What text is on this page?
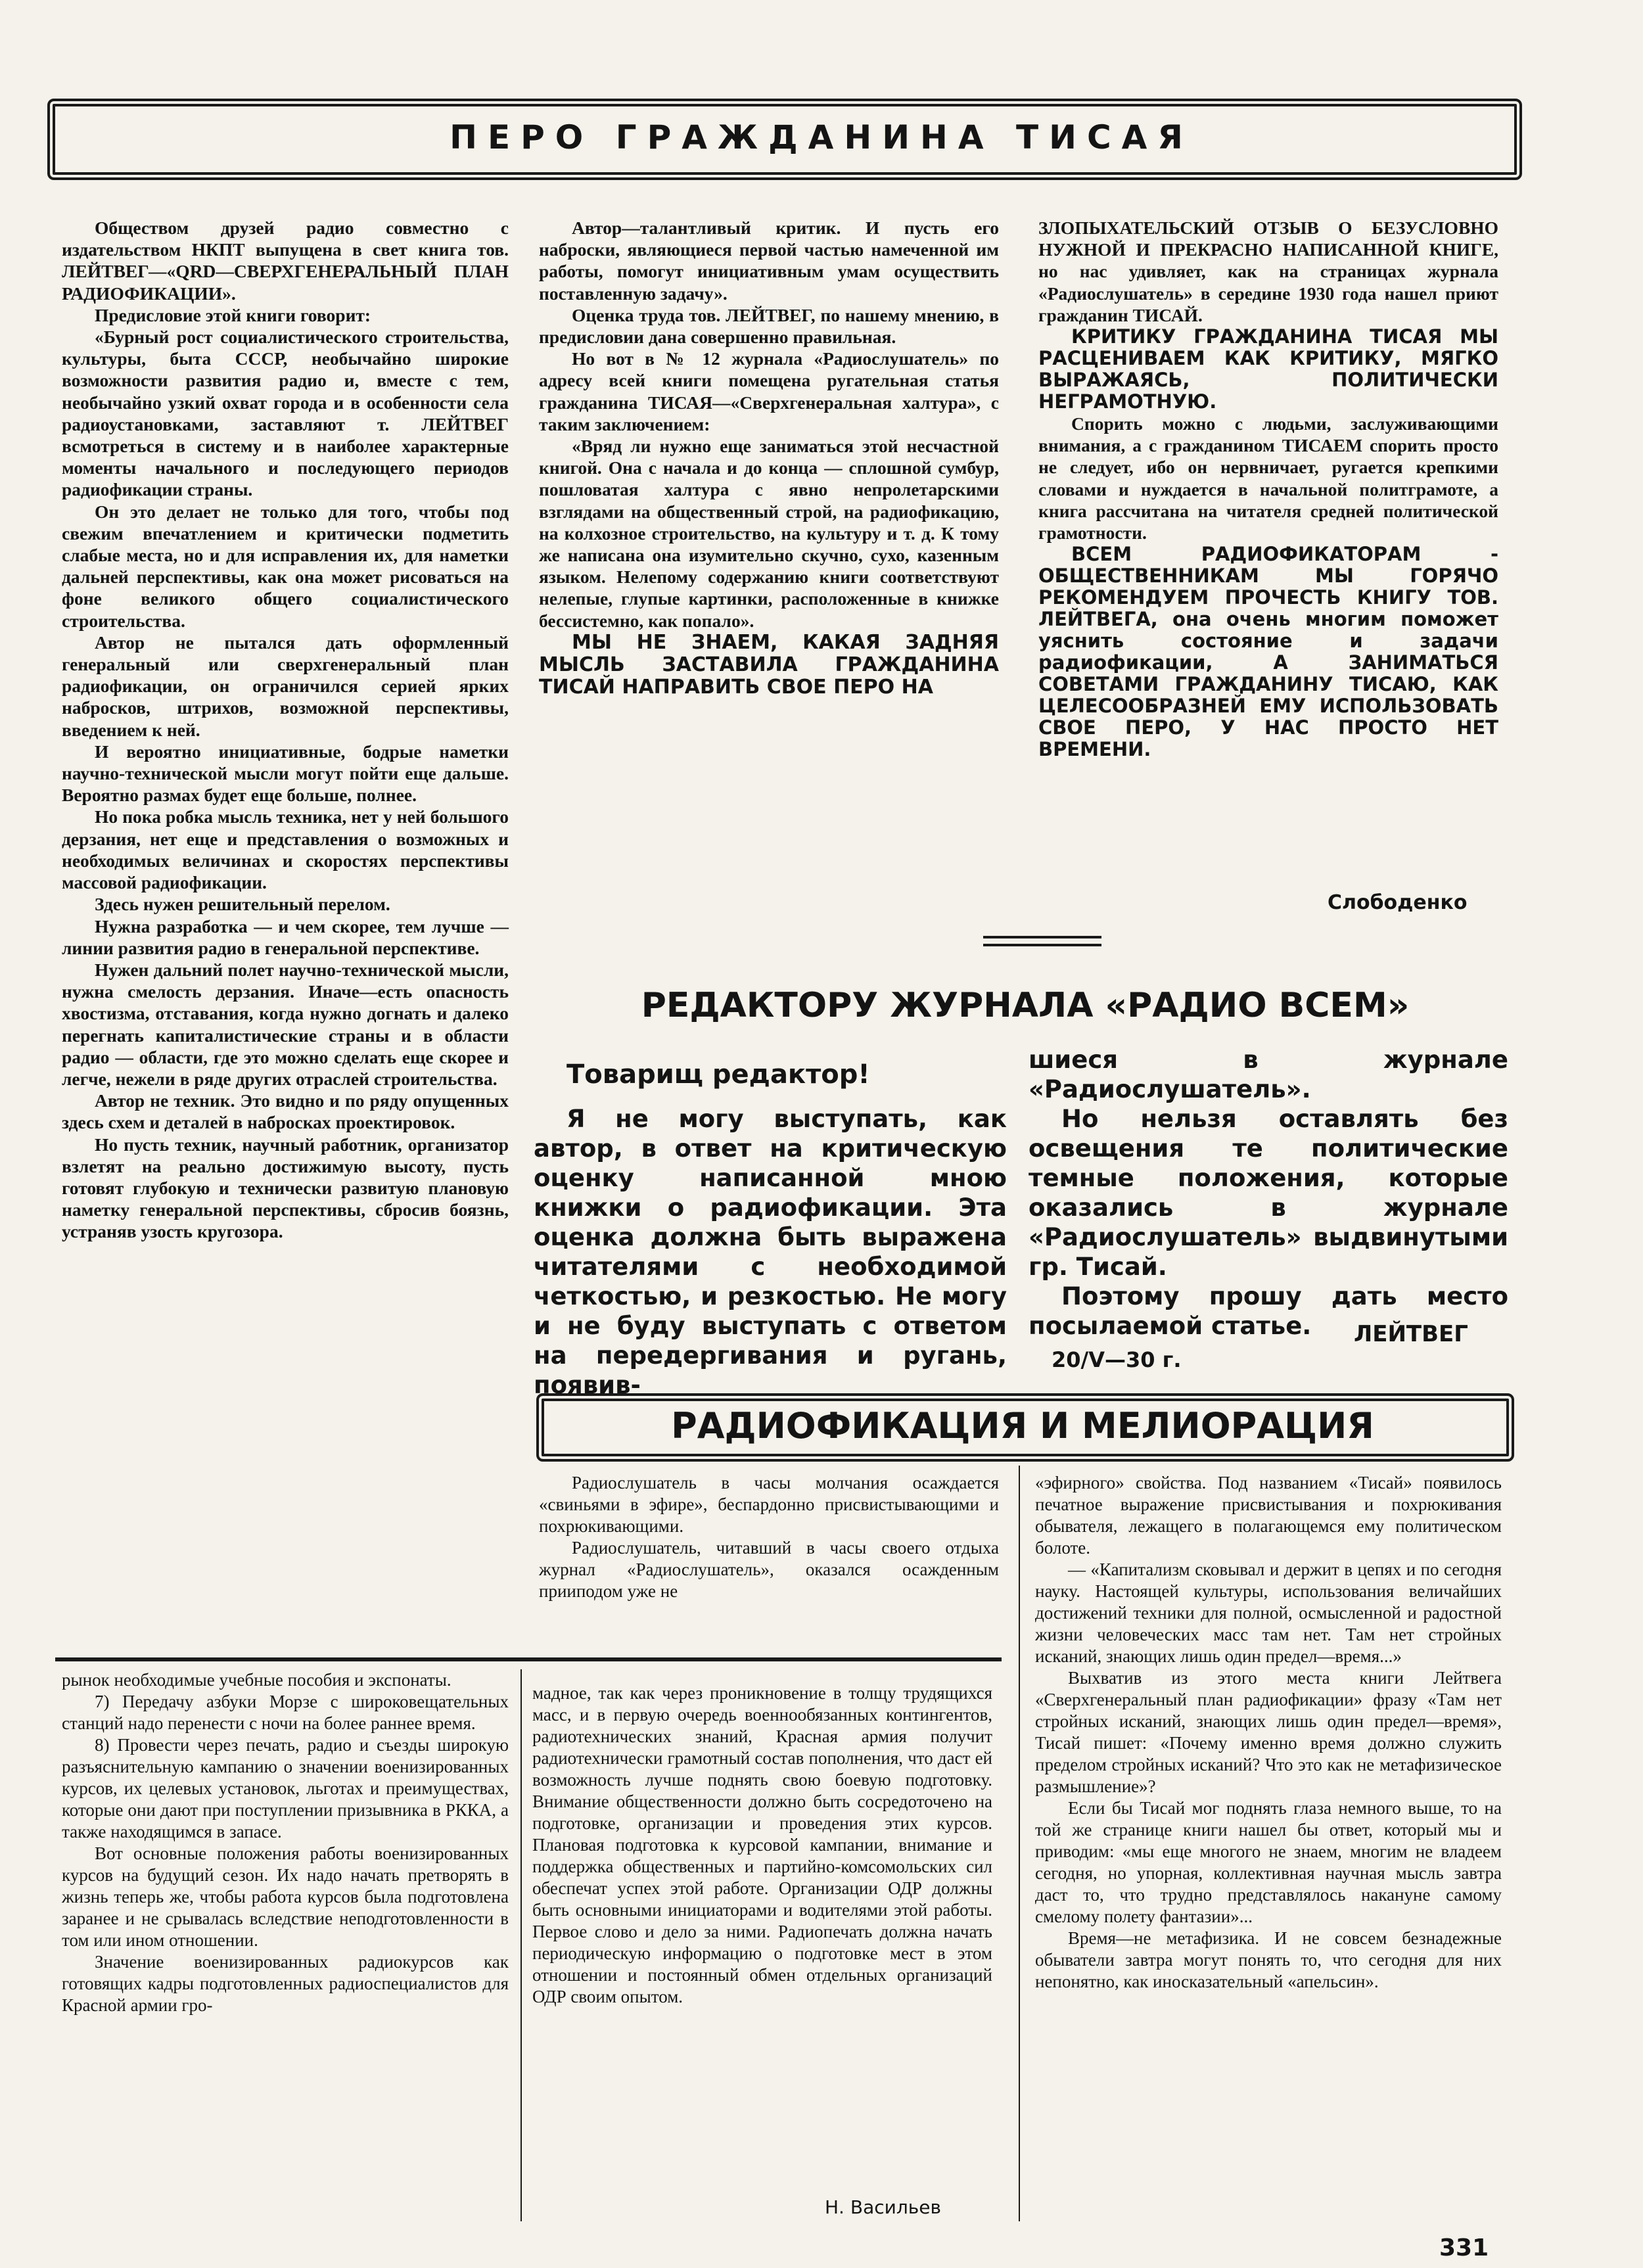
ПЕРО ГРАЖДАНИНА ТИСАЯ

Обществом друзей радио совместно с издательством НКПТ выпущена в свет книга тов. ЛЕЙТВЕГ—«QRD—СВЕРХГЕНЕРАЛЬНЫЙ ПЛАН РАДИОФИКАЦИИ».

Предисловие этой книги говорит:

«Бурный рост социалистического строительства, культуры, быта СССР, необычайно широкие возможности развития радио и, вместе с тем, необычайно узкий охват города и в особенности села радиоустановками, заставляют т. ЛЕЙТВЕГ всмотреться в систему и в наиболее характерные моменты начального и последующего периодов радиофикации страны.

Он это делает не только для того, чтобы под свежим впечатлением и критически подметить слабые места, но и для исправления их, для наметки дальней перспективы, как она может рисоваться на фоне великого общего социалистического строительства.

Автор не пытался дать оформленный генеральный или сверхгенеральный план радиофикации, он ограничился серией ярких набросков, штрихов, возможной перспективы, введением к ней.

И вероятно инициативные, бодрые наметки научно-технической мысли могут пойти еще дальше. Вероятно размах будет еще больше, полнее.

Но пока робка мысль техника, нет у ней большого дерзания, нет еще и представления о возможных и необходимых величинах и скоростях перспективы массовой радиофикации.

Здесь нужен решительный перелом.

Нужна разработка — и чем скорее, тем лучше — линии развития радио в генеральной перспективе.

Нужен дальний полет научно-технической мысли, нужна смелость дерзания. Иначе—есть опасность хвостизма, отставания, когда нужно догнать и далеко перегнать капиталистические страны и в области радио — области, где это можно сделать еще скорее и легче, нежели в ряде других отраслей строительства.

Автор не техник. Это видно и по ряду опущенных здесь схем и деталей в набросках проектировок.

Но пусть техник, научный работник, организатор взлетят на реально достижимую высоту, пусть готовят глубокую и технически развитую плановую наметку генеральной перспективы, сбросив боязнь, устраняв узость кругозора.

Автор—талантливый критик. И пусть его наброски, являющиеся первой частью намеченной им работы, помогут инициативным умам осуществить поставленную задачу».

Оценка труда тов. ЛЕЙТВЕГ, по нашему мнению, в предисловии дана совершенно правильная.

Но вот в № 12 журнала «Радиослушатель» по адресу всей книги помещена ругательная статья гражданина ТИСАЯ—«Сверхгенеральная халтура», с таким заключением:

«Вряд ли нужно еще заниматься этой несчастной книгой. Она с начала и до конца — сплошной сумбур, пошловатая халтура с явно непролетарскими взглядами на общественный строй, на радиофикацию, на колхозное строительство, на культуру и т. д. К тому же написана она изумительно скучно, сухо, казенным языком. Нелепому содержанию книги соответствуют нелепые, глупые картинки, расположенные в книжке бессистемно, как попало».

МЫ НЕ ЗНАЕМ, КАКАЯ ЗАДНЯЯ МЫСЛЬ ЗАСТАВИЛА ГРАЖДАНИНА ТИСАЙ НАПРАВИТЬ СВОЕ ПЕРО НА

ЗЛОПЫХАТЕЛЬСКИЙ ОТЗЫВ О БЕЗУСЛОВНО НУЖНОЙ И ПРЕКРАСНО НАПИСАННОЙ КНИГЕ, но нас удивляет, как на страницах журнала «Радиослушатель» в середине 1930 года нашел приют гражданин ТИСАЙ.

КРИТИКУ ГРАЖДАНИНА ТИСАЯ МЫ РАСЦЕНИВАЕМ КАК КРИТИКУ, МЯГКО ВЫРАЖАЯСЬ, ПОЛИТИЧЕСКИ НЕГРАМОТНУЮ.

Спорить можно с людьми, заслуживающими внимания, а с гражданином ТИСАЕМ спорить просто не следует, ибо он нервничает, ругается крепкими словами и нуждается в начальной политграмоте, а книга рассчитана на читателя средней политической грамотности.

ВСЕМ РАДИОФИКАТОРАМ - ОБЩЕСТВЕННИКАМ МЫ ГОРЯЧО РЕКОМЕНДУЕМ ПРОЧЕСТЬ КНИГУ ТОВ. ЛЕЙТВЕГА, она очень многим поможет уяснить состояние и задачи радиофикации, А ЗАНИМАТЬСЯ СОВЕТАМИ ГРАЖДАНИНУ ТИСАЮ, КАК ЦЕЛЕСООБРАЗНЕЙ ЕМУ ИСПОЛЬЗОВАТЬ СВОЕ ПЕРО, У НАС ПРОСТО НЕТ ВРЕМЕНИ.

Слободенко
РЕДАКТОРУ ЖУРНАЛА «РАДИО ВСЕМ»
Товарищ редактор!

Я не могу выступать, как автор, в ответ на критическую оценку написанной мною книжки о радиофикации. Эта оценка должна быть выражена читателями с необходимой четкостью, и резкостью. Не могу и не буду выступать с ответом на передергивания и ругань, появив-

шиеся в журнале «Радиослушатель».

Но нельзя оставлять без освещения те политические темные положения, которые оказались в журнале «Радиослушатель» выдвинутыми гр. Тисай.

Поэтому прошу дать место посылаемой статье.	ЛЕЙТВЕГ
20/V—30 г.
РАДИОФИКАЦИЯ И МЕЛИОРАЦИЯ

Радиослушатель в часы молчания осаждается «свиньями в эфире», беспардонно присвистывающими и похрюкивающими.

Радиослушатель, читавший в часы своего отдыха журнал «Радиослушатель», оказался осажденным прииподом уже не

«эфирного» свойства. Под названием «Тисай» появилось печатное выражение присвистывания и похрюкивания обывателя, лежащего в полагающемся ему политическом болоте.

— «Капитализм сковывал и держит в цепях и по сегодня науку. Настоящей культуры, использования величайших достижений техники для полной, осмысленной и радостной жизни человеческих масс там нет. Там нет стройных исканий, знающих лишь один предел—время...»

Выхватив из этого места книги Лейтвега «Сверхгенеральный план радиофикации» фразу «Там нет стройных исканий, знающих лишь один предел—время», Тисай пишет: «Почему именно время должно служить пределом стройных исканий? Что это как не метафизическое размышление»?

Если бы Тисай мог поднять глаза немного выше, то на той же странице книги нашел бы ответ, который мы и приводим: «мы еще многого не знаем, многим не владеем сегодня, но упорная, коллективная научная мысль завтра даст то, что трудно представлялось накануне самому смелому полету фантазии»...

Время—не метафизика. И не совсем безнадежные обыватели завтра могут понять то, что сегодня для них непонятно, как иносказательный «апельсин».

рынок необходимые учебные пособия и экспонаты.

7) Передачу азбуки Морзе с широковещательных станций надо перенести с ночи на более раннее время.

8) Провести через печать, радио и съезды широкую разъяснительную кампанию о значении военизированных курсов, их целевых установок, льготах и преимуществах, которые они дают при поступлении призывника в РККА, а также находящимся в запасе.

Вот основные положения работы военизированных курсов на будущий сезон. Их надо начать претворять в жизнь теперь же, чтобы работа курсов была подготовлена заранее и не срывалась вследствие неподготовленности в том или ином отношении.

Значение военизированных радиокурсов как готовящих кадры подготовленных радиоспециалистов для Красной армии гро-

мадное, так как через проникновение в толщу трудящихся масс, и в первую очередь военнообязанных контингентов, радиотехнических знаний, Красная армия получит радиотехнически грамотный состав пополнения, что даст ей возможность лучше поднять свою боевую подготовку. Внимание общественности должно быть сосредоточено на подготовке, организации и проведения этих курсов. Плановая подготовка к курсовой кампании, внимание и поддержка общественных и партийно-комсомольских сил обеспечат успех этой работе. Организации ОДР должны быть основными инициаторами и водителями этой работы. Первое слово и дело за ними. Радиопечать должна начать периодическую информацию о подготовке мест в этом отношении и постоянный обмен отдельных организаций ОДР своим опытом.

Н. Васильев
331
